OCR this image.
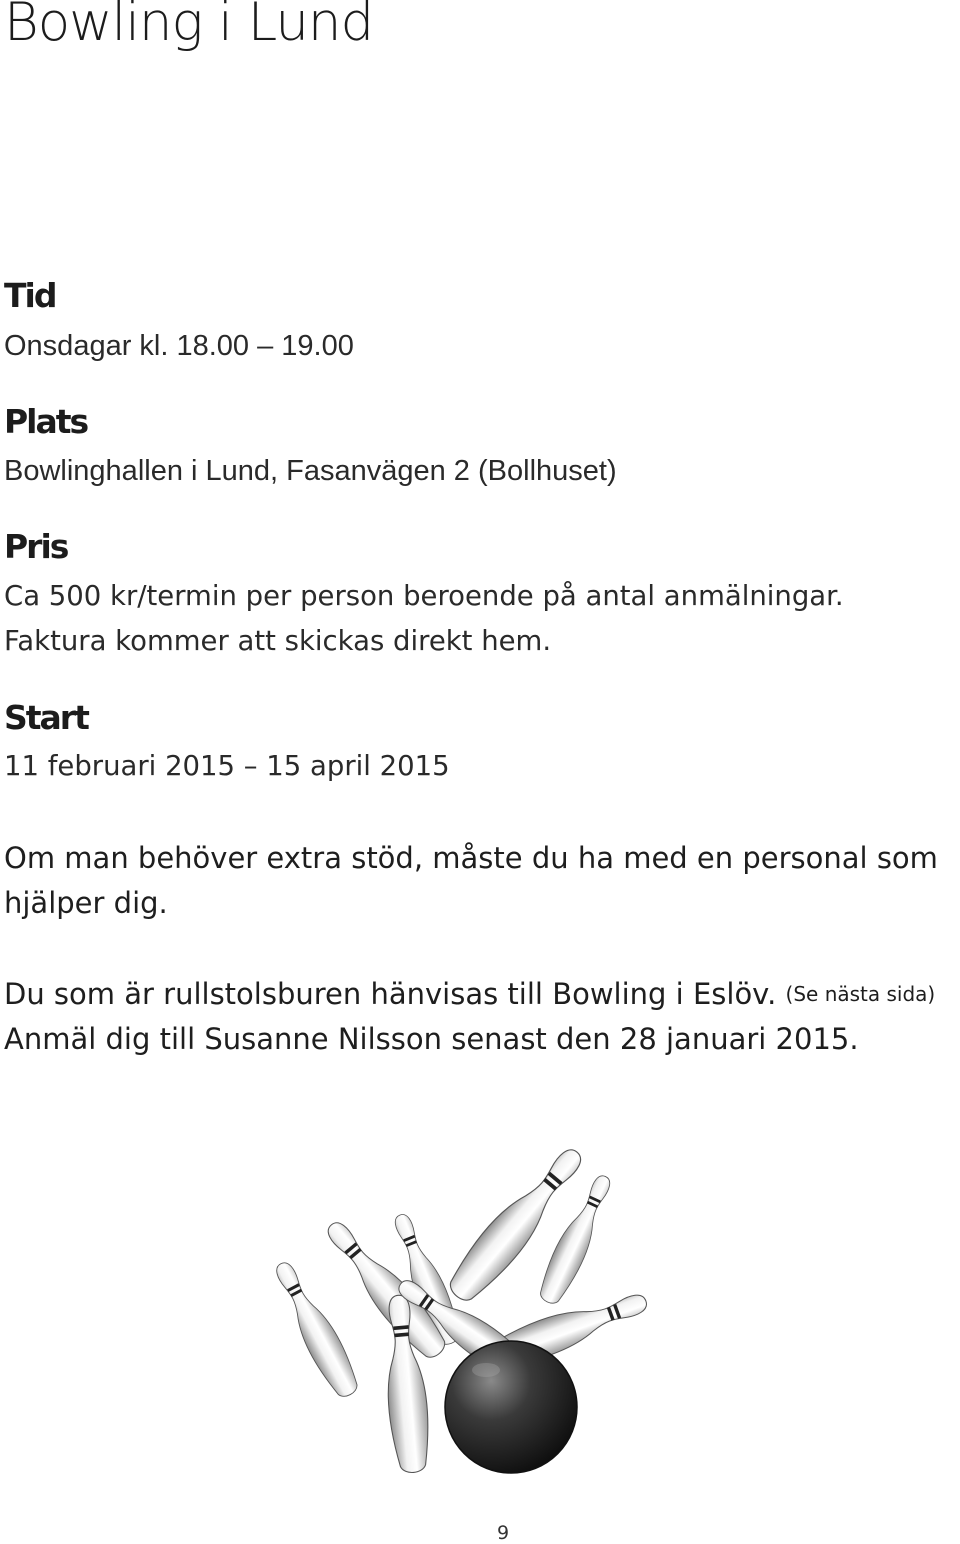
Bowling i Lund
Tid

Onsdagar kl. 18.00 – 19.00

Plats

Bowlinghallen i Lund, Fasanvägen 2 (Bollhuset)

Pris

Ca 500 kr/termin per person beroende på antal anmälningar.

Faktura kommer att skickas direkt hem.

Start

11 februari 2015 – 15 april 2015

Om man behöver extra stöd, måste du ha med en personal som

hjälper dig.

Du som är rullstolsburen hänvisas till Bowling i Eslöv. (Se nästa sida)

Anmäl dig till Susanne Nilsson senast den 28 januari 2015.

9
